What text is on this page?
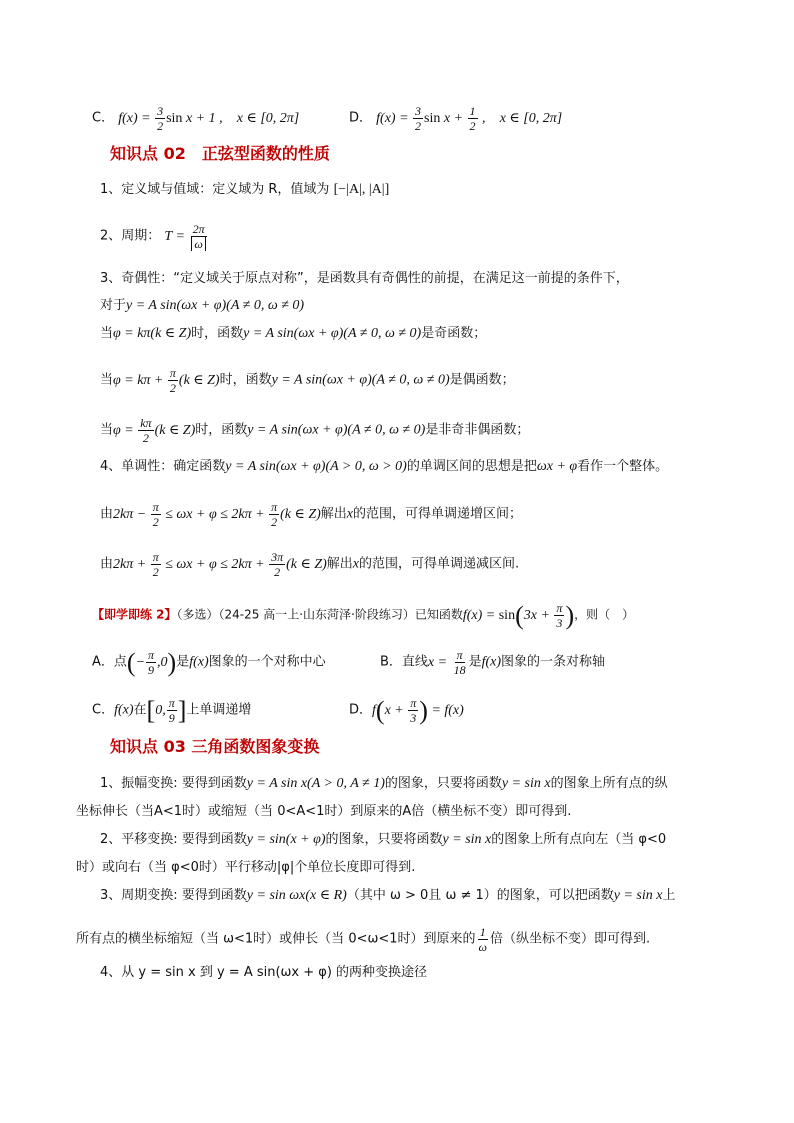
C． $f(x) = \frac{3}{2}$ sin x + 1 , x ∈ [0, 2π]	D． $f(x) = \frac{3}{2}$ $\sin x + \frac{1}{2}$ , x ∈ [0, 2π]
知识点 02　正弦型函数的性质
1、定义域与值域：定义域为 R，值域为 [−|A|, |A|]
2、周期： $T = \frac{2\pi}{\omega}$
3、奇偶性：“定义域关于原点对称”，是函数具有奇偶性的前提，在满足这一前提的条件下，
对于y = A sin(ωx + φ)(A ≠ 0, ω ≠ 0)
当φ = kπ(k ∈ Z)时，函数y = A sin(ωx + φ)(A ≠ 0, ω ≠ 0)是奇函数；
当$\varphi = k\pi + \frac{\pi}{2} (k$ ∈ Z)时，函数y = A sin(ωx + φ)(A ≠ 0, ω ≠ 0)是偶函数；
当$\varphi = \frac{k\pi}{2} (k$ ∈ Z)时，函数y = A sin(ωx + φ)(A ≠ 0, ω ≠ 0)是非奇非偶函数；
4、单调性：确定函数y = A sin(ωx + φ)(A > 0, ω > 0)的单调区间的思想是把ωx + φ看作一个整体。
由$2k\pi - \frac{\pi}{2} \le \omega x + \varphi \le 2k\pi + \frac{\pi}{2} (k$ ∈ Z)解出x的范围，可得单调递增区间；
由$2k\pi + \frac{\pi}{2} \le \omega x + \varphi \le 2k\pi + \frac{3\pi}{2} (k$ ∈ Z)解出x的范围，可得单调递减区间.
【即学即练 2】（多选）（24-25 高一上·山东菏泽·阶段练习）已知函数$f(x) = \sin(3x + \frac{\pi}{3}$ )，则（　）
A．点(− $\frac{\pi}{9} ,0$)是f(x)图象的一个对称中心	B．直线$x = \frac{\pi}{18}$ 是f(x)图象的一条对称轴
C．f(x)在[0, $\frac{\pi}{9}$ ]上单调递增	D．$f(x + \frac{\pi}{3}$ ) = f(x)
知识点 03 三角函数图象变换
1、振幅变换: 要得到函数y = A sin x(A > 0, A ≠ 1)的图象，只要将函数y = sin x的图象上所有点的纵
坐标伸长（当A<1时）或缩短（当 0<A<1时）到原来的A倍（横坐标不变）即可得到.
2、平移变换: 要得到函数y = sin(x + φ)的图象，只要将函数y = sin x的图象上所有点向左（当 φ<0
时）或向右（当 φ<0时）平行移动|φ|个单位长度即可得到.
3、周期变换: 要得到函数y = sin ωx(x ∈ R)（其中 ω > 0且 ω ≠ 1）的图象，可以把函数y = sin x上
所有点的横坐标缩短（当 ω<1时）或伸长（当 0<ω<1时）到原来的 $\frac{1}{\omega}$ 倍（纵坐标不变）即可得到.
4、从 y = sin x 到 y = A sin(ωx + φ) 的两种变换途径
